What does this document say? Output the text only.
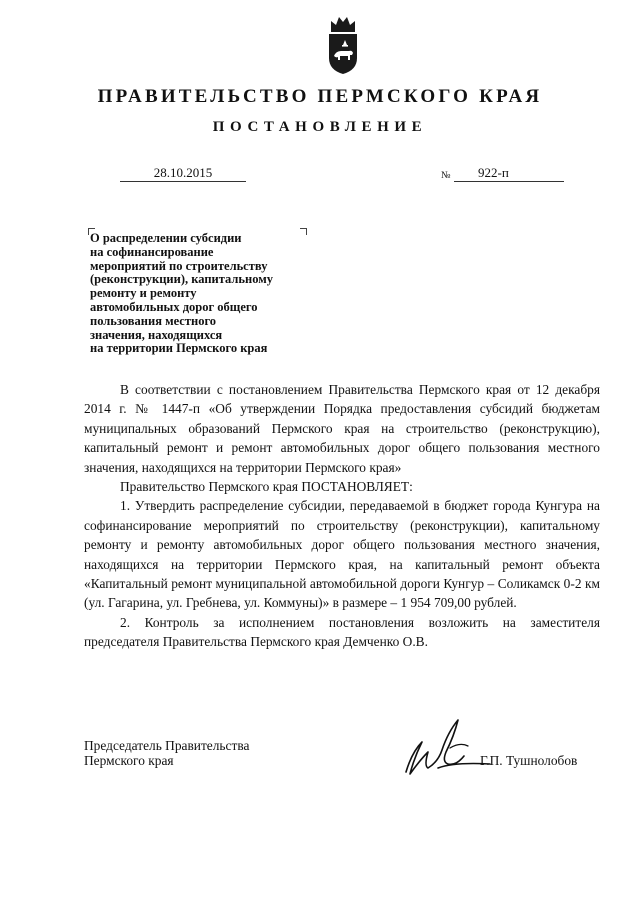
ПРАВИТЕЛЬСТВО ПЕРМСКОГО КРАЯ
ПОСТАНОВЛЕНИЕ
28.10.2015	№	922-п
О распределении субсидии
на софинансирование
мероприятий по строительству
(реконструкции), капитальному
ремонту и ремонту
автомобильных дорог общего
пользования местного
значения, находящихся
на территории Пермского края

В соответствии с постановлением Правительства Пермского края от 12 декабря 2014 г. № 1447-п «Об утверждении Порядка предоставления субсидий бюджетам муниципальных образований Пермского края на строительство (реконструкцию), капитальный ремонт и ремонт автомобильных дорог общего пользования местного значения, находящихся на территории Пермского края»

Правительство Пермского края ПОСТАНОВЛЯЕТ:

1. Утвердить распределение субсидии, передаваемой в бюджет города Кунгура на софинансирование мероприятий по строительству (реконструкции), капитальному ремонту и ремонту автомобильных дорог общего пользования местного значения, находящихся на территории Пермского края, на капитальный ремонт объекта «Капитальный ремонт муниципальной автомобильной дороги Кунгур – Соликамск 0-2 км (ул. Гагарина, ул. Гребнева, ул. Коммуны)» в размере – 1 954 709,00 рублей.

2. Контроль за исполнением постановления возложить на заместителя председателя Правительства Пермского края Демченко О.В.

Председатель Правительства
Пермского края	Г.П. Тушнолобов
